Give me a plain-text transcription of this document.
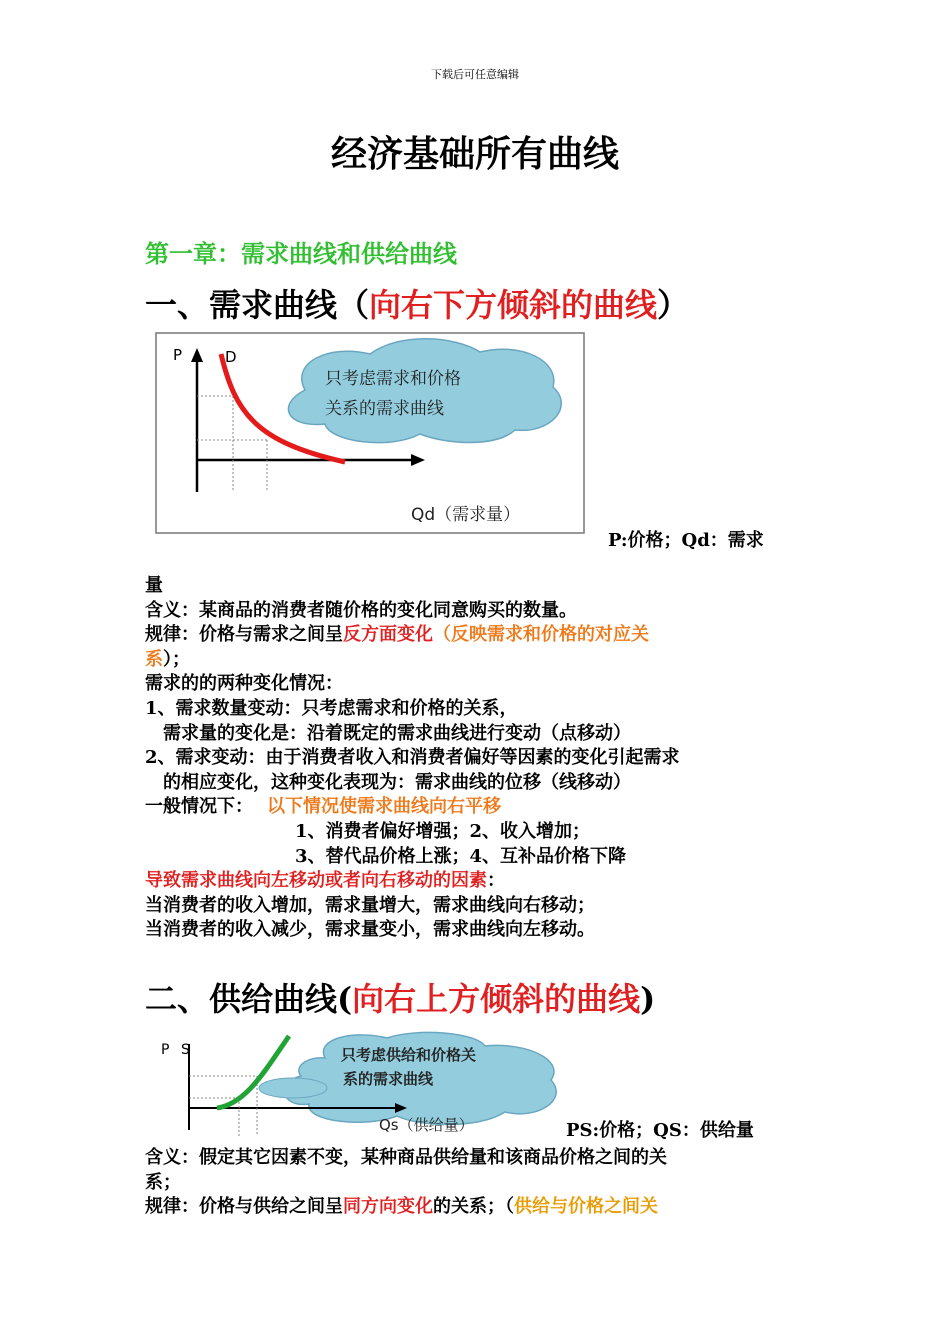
下载后可任意编辑
经济基础所有曲线
第一章：需求曲线和供给曲线
一、需求曲线（向右下方倾斜的曲线）
P	D
只考虑需求和价格
关系的需求曲线
Qd（需求量）
P:价格；Qd：需求
量
含义：某商品的消费者随价格的变化同意购买的数量。
规律：价格与需求之间呈反方面变化（反映需求和价格的对应关
系）；
需求的的两种变化情况：
1、需求数量变动：只考虑需求和价格的关系，
需求量的变化是：沿着既定的需求曲线进行变动（点移动）
2、需求变动：由于消费者收入和消费者偏好等因素的变化引起需求
的相应变化，这种变化表现为：需求曲线的位移（线移动）
一般情况下： 以下情况使需求曲线向右平移
1、消费者偏好增强；2、收入增加；
3、替代品价格上涨；4、互补品价格下降
导致需求曲线向左移动或者向右移动的因素：
当消费者的收入增加，需求量增大，需求曲线向右移动；
当消费者的收入减少，需求量变小，需求曲线向左移动。
二、供给曲线(向右上方倾斜的曲线)
P S	只考虑供给和价格关
系的需求曲线
Qs（供给量）	PS:价格；QS：供给量
含义：假定其它因素不变，某种商品供给量和该商品价格之间的关
系；
规律：价格与供给之间呈同方向变化的关系；（供给与价格之间关
